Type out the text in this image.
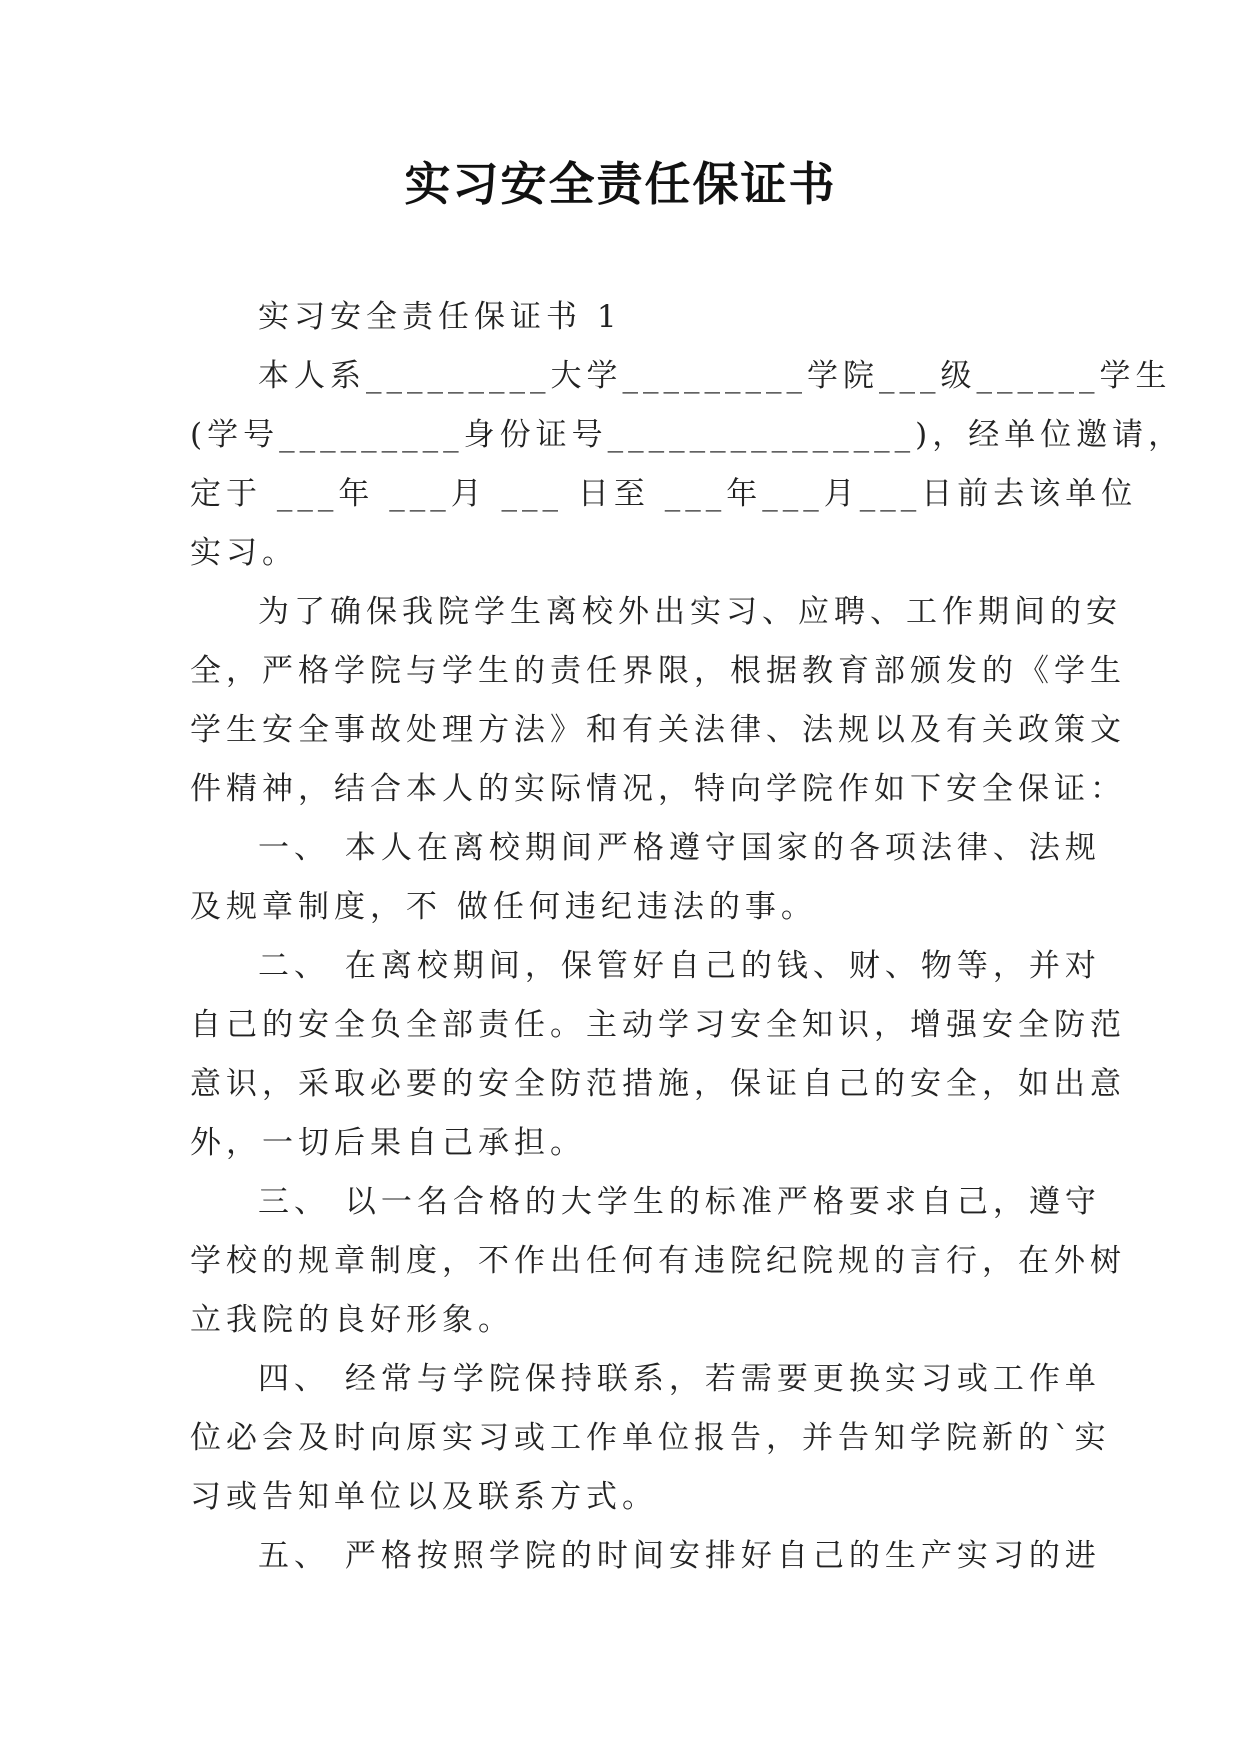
实习安全责任保证书
实习安全责任保证书 1
本人系_________大学_________学院___级______学生
(学号_________身份证号_______________)，经单位邀请，
定于 ___年 ___月 ___ 日至 ___年___月___日前去该单位
实习。
为了确保我院学生离校外出实习、应聘、工作期间的安
全，严格学院与学生的责任界限，根据教育部颁发的《学生
学生安全事故处理方法》和有关法律、法规以及有关政策文
件精神，结合本人的实际情况，特向学院作如下安全保证：
一、 本人在离校期间严格遵守国家的各项法律、法规
及规章制度，不 做任何违纪违法的事。
二、 在离校期间，保管好自己的钱、财、物等，并对
自己的安全负全部责任。主动学习安全知识，增强安全防范
意识，采取必要的安全防范措施，保证自己的安全，如出意
外，一切后果自己承担。
三、 以一名合格的大学生的标准严格要求自己，遵守
学校的规章制度，不作出任何有违院纪院规的言行，在外树
立我院的良好形象。
四、 经常与学院保持联系，若需要更换实习或工作单
位必会及时向原实习或工作单位报告，并告知学院新的`实
习或告知单位以及联系方式。
五、 严格按照学院的时间安排好自己的生产实习的进
